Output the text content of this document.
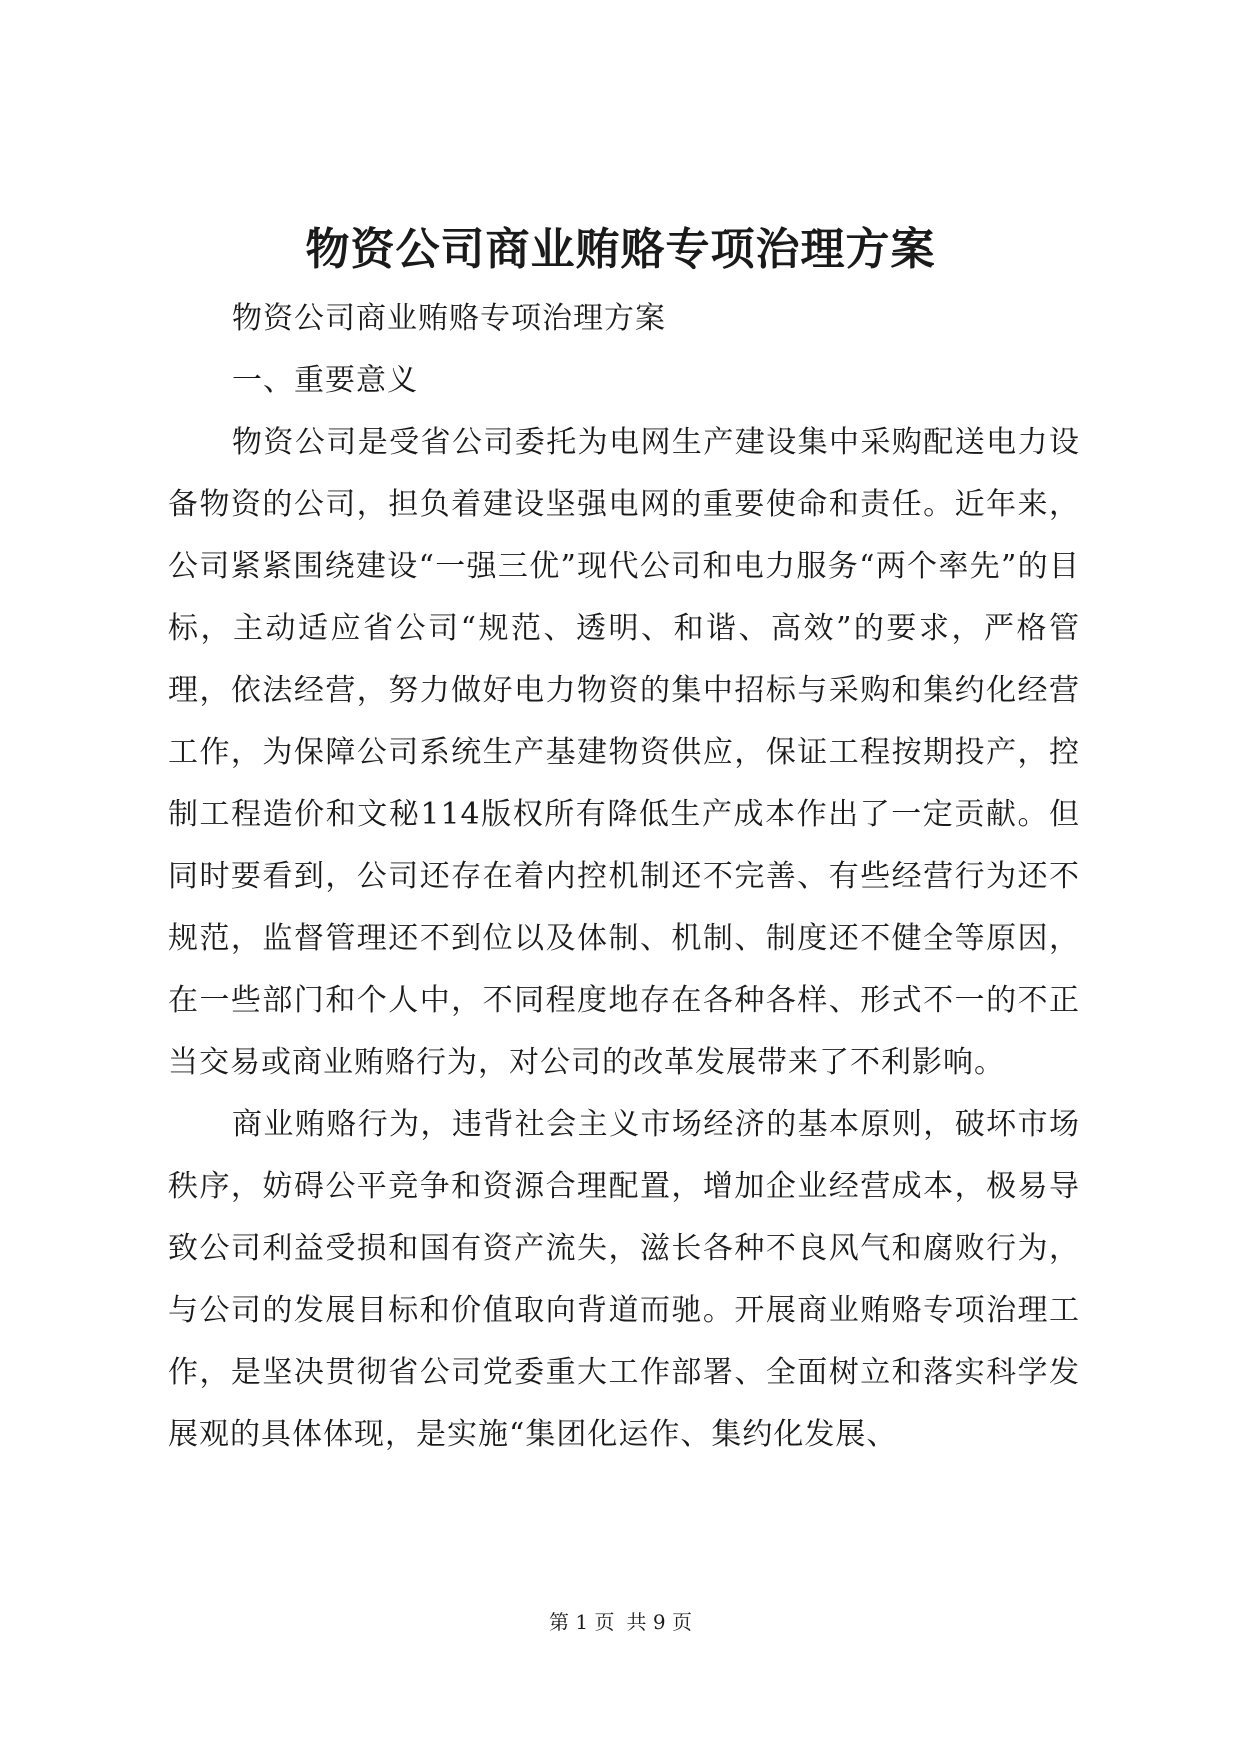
物资公司商业贿赂专项治理方案

物资公司商业贿赂专项治理方案

一、重要意义

物资公司是受省公司委托为电网生产建设集中采购配送电力设备物资的公司，担负着建设坚强电网的重要使命和责任。近年来，公司紧紧围绕建设“一强三优”现代公司和电力服务“两个率先”的目标，主动适应省公司“规范、透明、和谐、高效”的要求，严格管理，依法经营，努力做好电力物资的集中招标与采购和集约化经营工作，为保障公司系统生产基建物资供应，保证工程按期投产，控制工程造价和文秘114版权所有降低生产成本作出了一定贡献。但同时要看到，公司还存在着内控机制还不完善、有些经营行为还不规范，监督管理还不到位以及体制、机制、制度还不健全等原因，在一些部门和个人中，不同程度地存在各种各样、形式不一的不正当交易或商业贿赂行为，对公司的改革发展带来了不利影响。

商业贿赂行为，违背社会主义市场经济的基本原则，破坏市场秩序，妨碍公平竞争和资源合理配置，增加企业经营成本，极易导致公司利益受损和国有资产流失，滋长各种不良风气和腐败行为，与公司的发展目标和价值取向背道而驰。开展商业贿赂专项治理工作，是坚决贯彻省公司党委重大工作部署、全面树立和落实科学发展观的具体体现，是实施“集团化运作、集约化发展、

第 1 页 共 9 页
